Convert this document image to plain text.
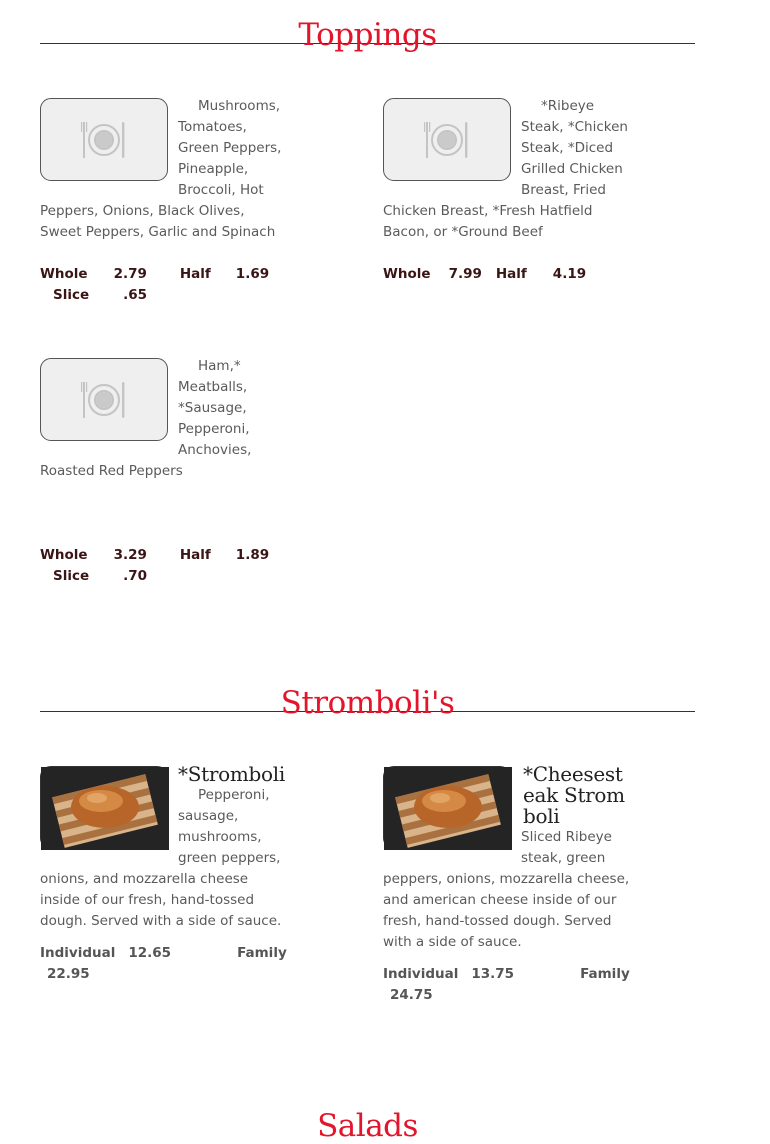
Toppings
Mushrooms, Tomatoes, Green Peppers, Pineapple, Broccoli, Hot Peppers, Onions, Black Olives, Sweet Peppers, Garlic and Spinach
Whole 2.79 Half 1.69
Slice	.65
*Ribeye Steak, *Chicken Steak, *Diced Grilled Chicken Breast, Fried Chicken Breast, *Fresh Hatfield Bacon, or *Ground Beef
Whole 7.99 Half 4.19
Ham,* Meatballs, *Sausage, Pepperoni, Anchovies, Roasted Red Peppers
Whole 3.29 Half 1.89
Slice	.70
Stromboli's
*Stromboli
Pepperoni, sausage, mushrooms, green peppers, onions, and mozzarella cheese inside of our fresh, hand-tossed dough. Served with a side of sauce.
Individual 12.65	Family
22.95
*Cheesesteak Stromboli
Sliced Ribeye steak, green peppers, onions, mozzarella cheese, and american cheese inside of our fresh, hand-tossed dough. Served with a side of sauce.
Individual 13.75	Family
24.75
Salads
